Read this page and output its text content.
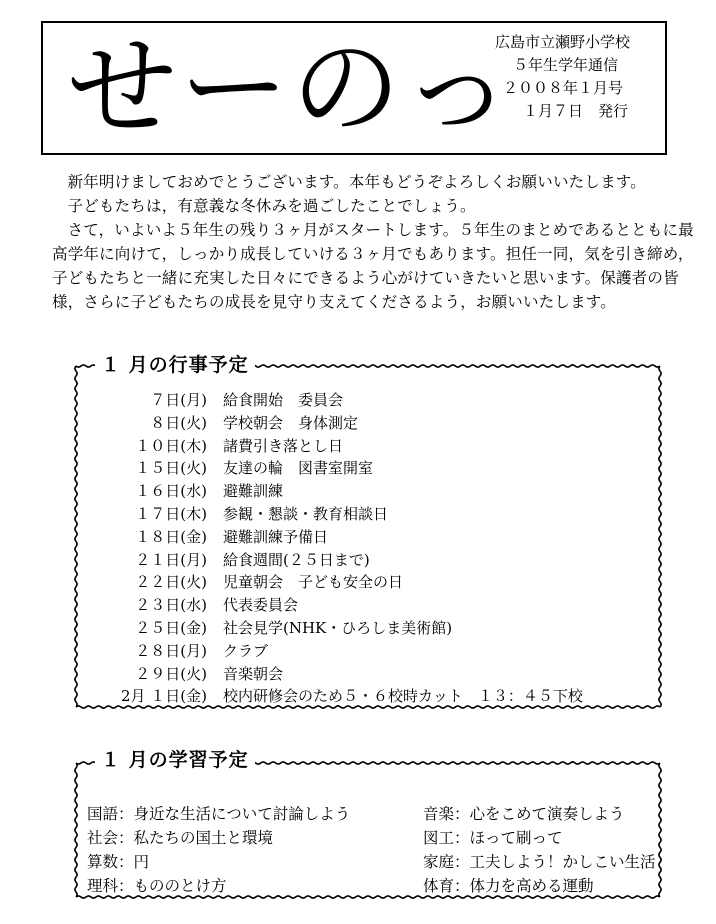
せーのっ
広島市立瀬野小学校
５年生学年通信
２００８年１月号
１月７日　発行

新年明けましておめでとうございます。本年もどうぞよろしくお願いいたします。

子どもたちは，有意義な冬休みを過ごしたことでしょう。

さて，いよいよ５年生の残り３ヶ月がスタートします。５年生のまとめであるとともに最高学年に向けて，しっかり成長していける３ヶ月でもあります。担任一同，気を引き締め，子どもたちと一緒に充実した日々にできるよう心がけていきたいと思います。保護者の皆様，さらに子どもたちの成長を見守り支えてくださるよう，お願いいたします。

１ 月の行事予定
７日(月)	給食開始　委員会
８日(火)	学校朝会　身体測定
１０日(木)	諸費引き落とし日
１５日(火)	友達の輪　図書室開室
１６日(水)	避難訓練
１７日(木)	参観・懇談・教育相談日
１８日(金)	避難訓練予備日
２１日(月)	給食週間(２５日まで)
２２日(火)	児童朝会　子ども安全の日
２３日(水)	代表委員会
２５日(金)	社会見学(NHK・ひろしま美術館)
２８日(月)	クラブ
２９日(火)	音楽朝会
2月 １日(金)	校内研修会のため５・６校時カット　１３：４５下校
１ 月の学習予定
国語：身近な生活について討論しよう	音楽：心をこめて演奏しよう
社会：私たちの国土と環境	図工：ほって刷って
算数：円	家庭：工夫しよう！かしこい生活
理科：もののとけ方	体育：体力を高める運動
